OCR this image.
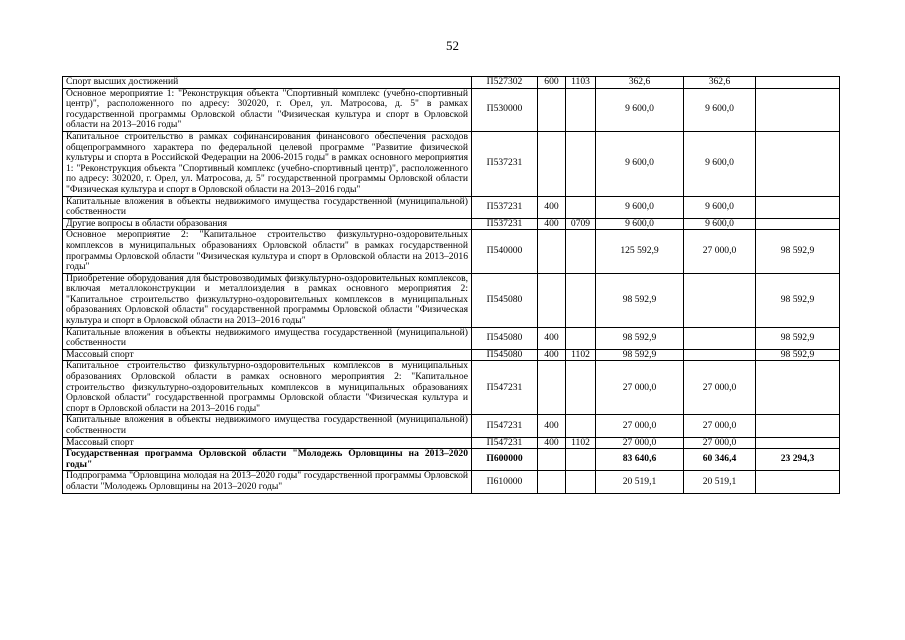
52
Спорт высших достижений	П527302	600	1103	362,6	362,6	
Основное мероприятие 1: "Реконструкция объекта "Спортивный комплекс (учебно-спортивный центр)", расположенного по адресу: 302020, г. Орел, ул. Матросова, д. 5" в рамках государственной программы Орловской области "Физическая культура и спорт в Орловской области на 2013–2016 годы"	П530000			9 600,0	9 600,0	
Капитальное строительство в рамках софинансирования финансового обеспечения расходов общепрограммного характера по федеральной целевой программе "Развитие физической культуры и спорта в Российской Федерации на 2006-2015 годы" в рамках основного мероприятия 1: "Реконструкция объекта "Спортивный комплекс (учебно-спортивный центр)", расположенного по адресу: 302020, г. Орел, ул. Матросова, д. 5" государственной программы Орловской области "Физическая культура и спорт в Орловской области на 2013–2016 годы"	П537231			9 600,0	9 600,0	
Капитальные вложения в объекты недвижимого имущества государственной (муниципальной) собственности	П537231	400		9 600,0	9 600,0	
Другие вопросы в области образования	П537231	400	0709	9 600,0	9 600,0	
Основное мероприятие 2: "Капитальное строительство физкультурно-оздоровительных комплексов в муниципальных образованиях Орловской области" в рамках государственной программы Орловской области "Физическая культура и спорт в Орловской области на 2013–2016 годы"	П540000			125 592,9	27 000,0	98 592,9
Приобретение оборудования для быстровозводимых физкультурно-оздоровительных комплексов, включая металлоконструкции и металлоизделия в рамках основного мероприятия 2: "Капитальное строительство физкультурно-оздоровительных комплексов в муниципальных образованиях Орловской области" государственной программы Орловской области "Физическая культура и спорт в Орловской области на 2013–2016 годы"	П545080			98 592,9		98 592,9
Капитальные вложения в объекты недвижимого имущества государственной (муниципальной) собственности	П545080	400		98 592,9		98 592,9
Массовый спорт	П545080	400	1102	98 592,9		98 592,9
Капитальное строительство физкультурно-оздоровительных комплексов в муниципальных образованиях Орловской области в рамках основного мероприятия 2: "Капитальное строительство физкультурно-оздоровительных комплексов в муниципальных образованиях Орловской области" государственной программы Орловской области "Физическая культура и спорт в Орловской области на 2013–2016 годы"	П547231			27 000,0	27 000,0	
Капитальные вложения в объекты недвижимого имущества государственной (муниципальной) собственности	П547231	400		27 000,0	27 000,0	
Массовый спорт	П547231	400	1102	27 000,0	27 000,0	
Государственная программа Орловской области "Молодежь Орловщины на 2013–2020 годы"	П600000			83 640,6	60 346,4	23 294,3
Подпрограмма "Орловщина молодая на 2013–2020 годы" государственной программы Орловской области "Молодежь Орловщины на 2013–2020 годы"	П610000			20 519,1	20 519,1	
